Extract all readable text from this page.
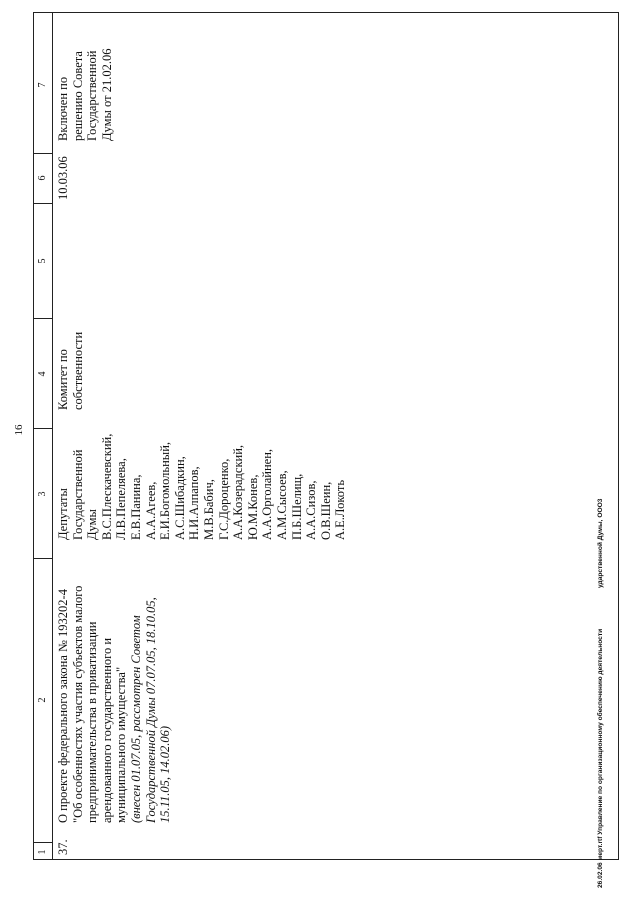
16
1
2
3
4
5
6
7
37.
О проекте федерального закона № 193202-4 "Об особенностях участия субъектов малого предпринимательства в приватизации арендованного государственного и муниципального имущества" (внесен 01.07.05, рассмотрен Советом Государственной Думы 07.07.05, 18.10.05, 15.11.05, 14.02.06)
Депутаты Государственной Думы В.С.Плескачевский, Л.В.Пепеляева, Е.В.Панина, А.А.Агеев, Е.И.Богомольный, А.С.Шибадкин, Н.И.Алпапов, М.В.Бабич, Г.С.Дороценко, А.А.Козерадский, Ю.М.Конев, А.А.Орголайнен, А.М.Сысоев, П.Б.Шелищ, А.А.Сизов, О.В.Шеин, А.Е.Локоть
Комитет по собственности
10.03.06
Включен по решению Совета Государственной Думы от 21.02.06
26.02.06 мерт.rtf Управление по организационному обеспечению деятельности
ударственной Думы, ООО3
